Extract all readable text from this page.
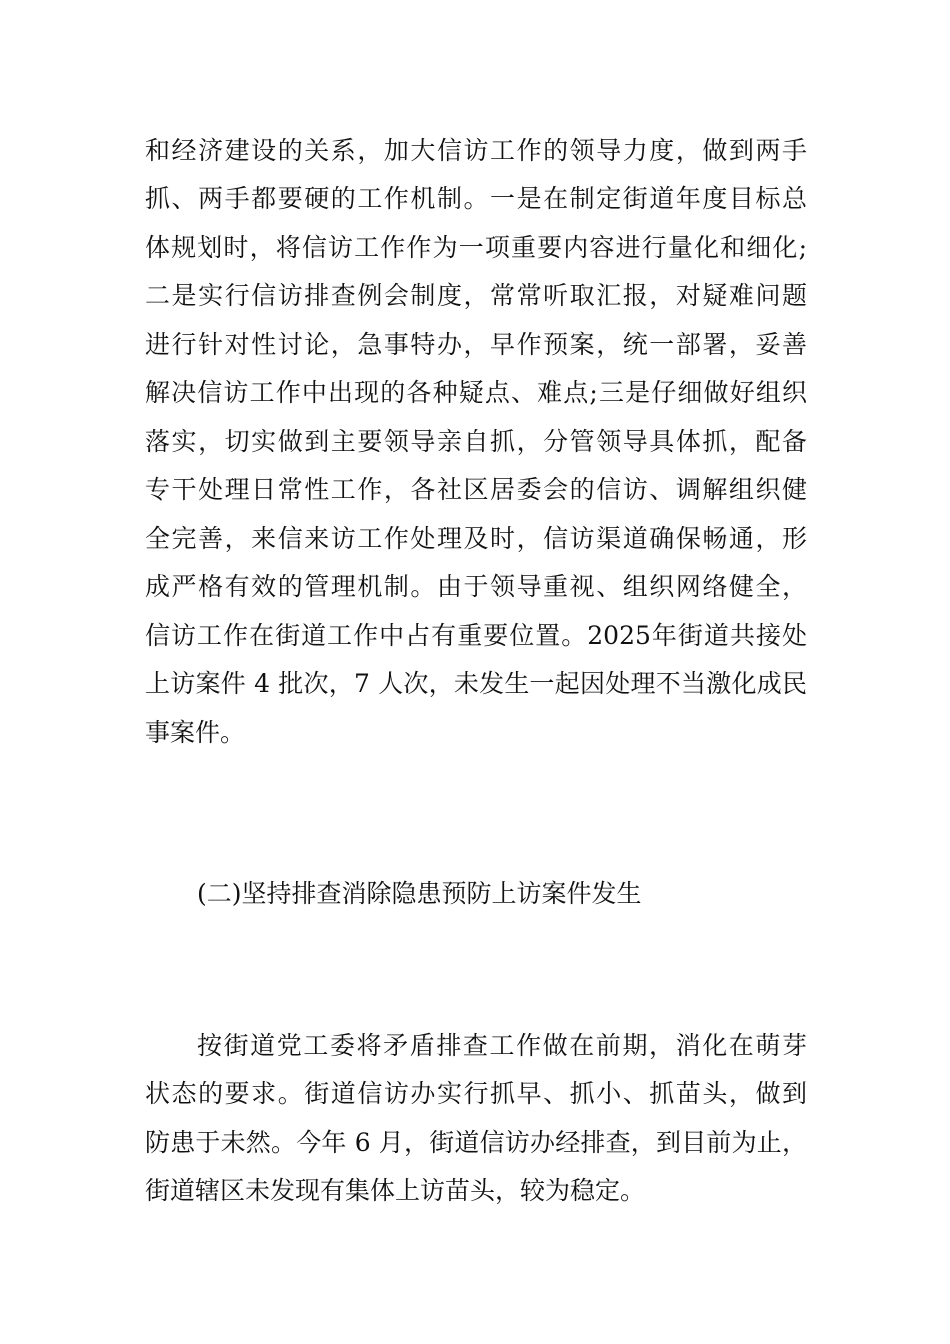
和经济建设的关系，加大信访工作的领导力度，做到两手
抓、两手都要硬的工作机制。一是在制定街道年度目标总
体规划时，将信访工作作为一项重要内容进行量化和细化;
二是实行信访排查例会制度，常常听取汇报，对疑难问题
进行针对性讨论，急事特办，早作预案，统一部署，妥善
解决信访工作中出现的各种疑点、难点;三是仔细做好组织
落实，切实做到主要领导亲自抓，分管领导具体抓，配备
专干处理日常性工作，各社区居委会的信访、调解组织健
全完善，来信来访工作处理及时，信访渠道确保畅通，形
成严格有效的管理机制。由于领导重视、组织网络健全，
信访工作在街道工作中占有重要位置。2025年街道共接处
上访案件 4 批次，7 人次，未发生一起因处理不当激化成民
事案件。
(二)坚持排查消除隐患预防上访案件发生
按街道党工委将矛盾排查工作做在前期，消化在萌芽
状态的要求。街道信访办实行抓早、抓小、抓苗头，做到
防患于未然。今年 6 月，街道信访办经排查，到目前为止，
街道辖区未发现有集体上访苗头，较为稳定。
